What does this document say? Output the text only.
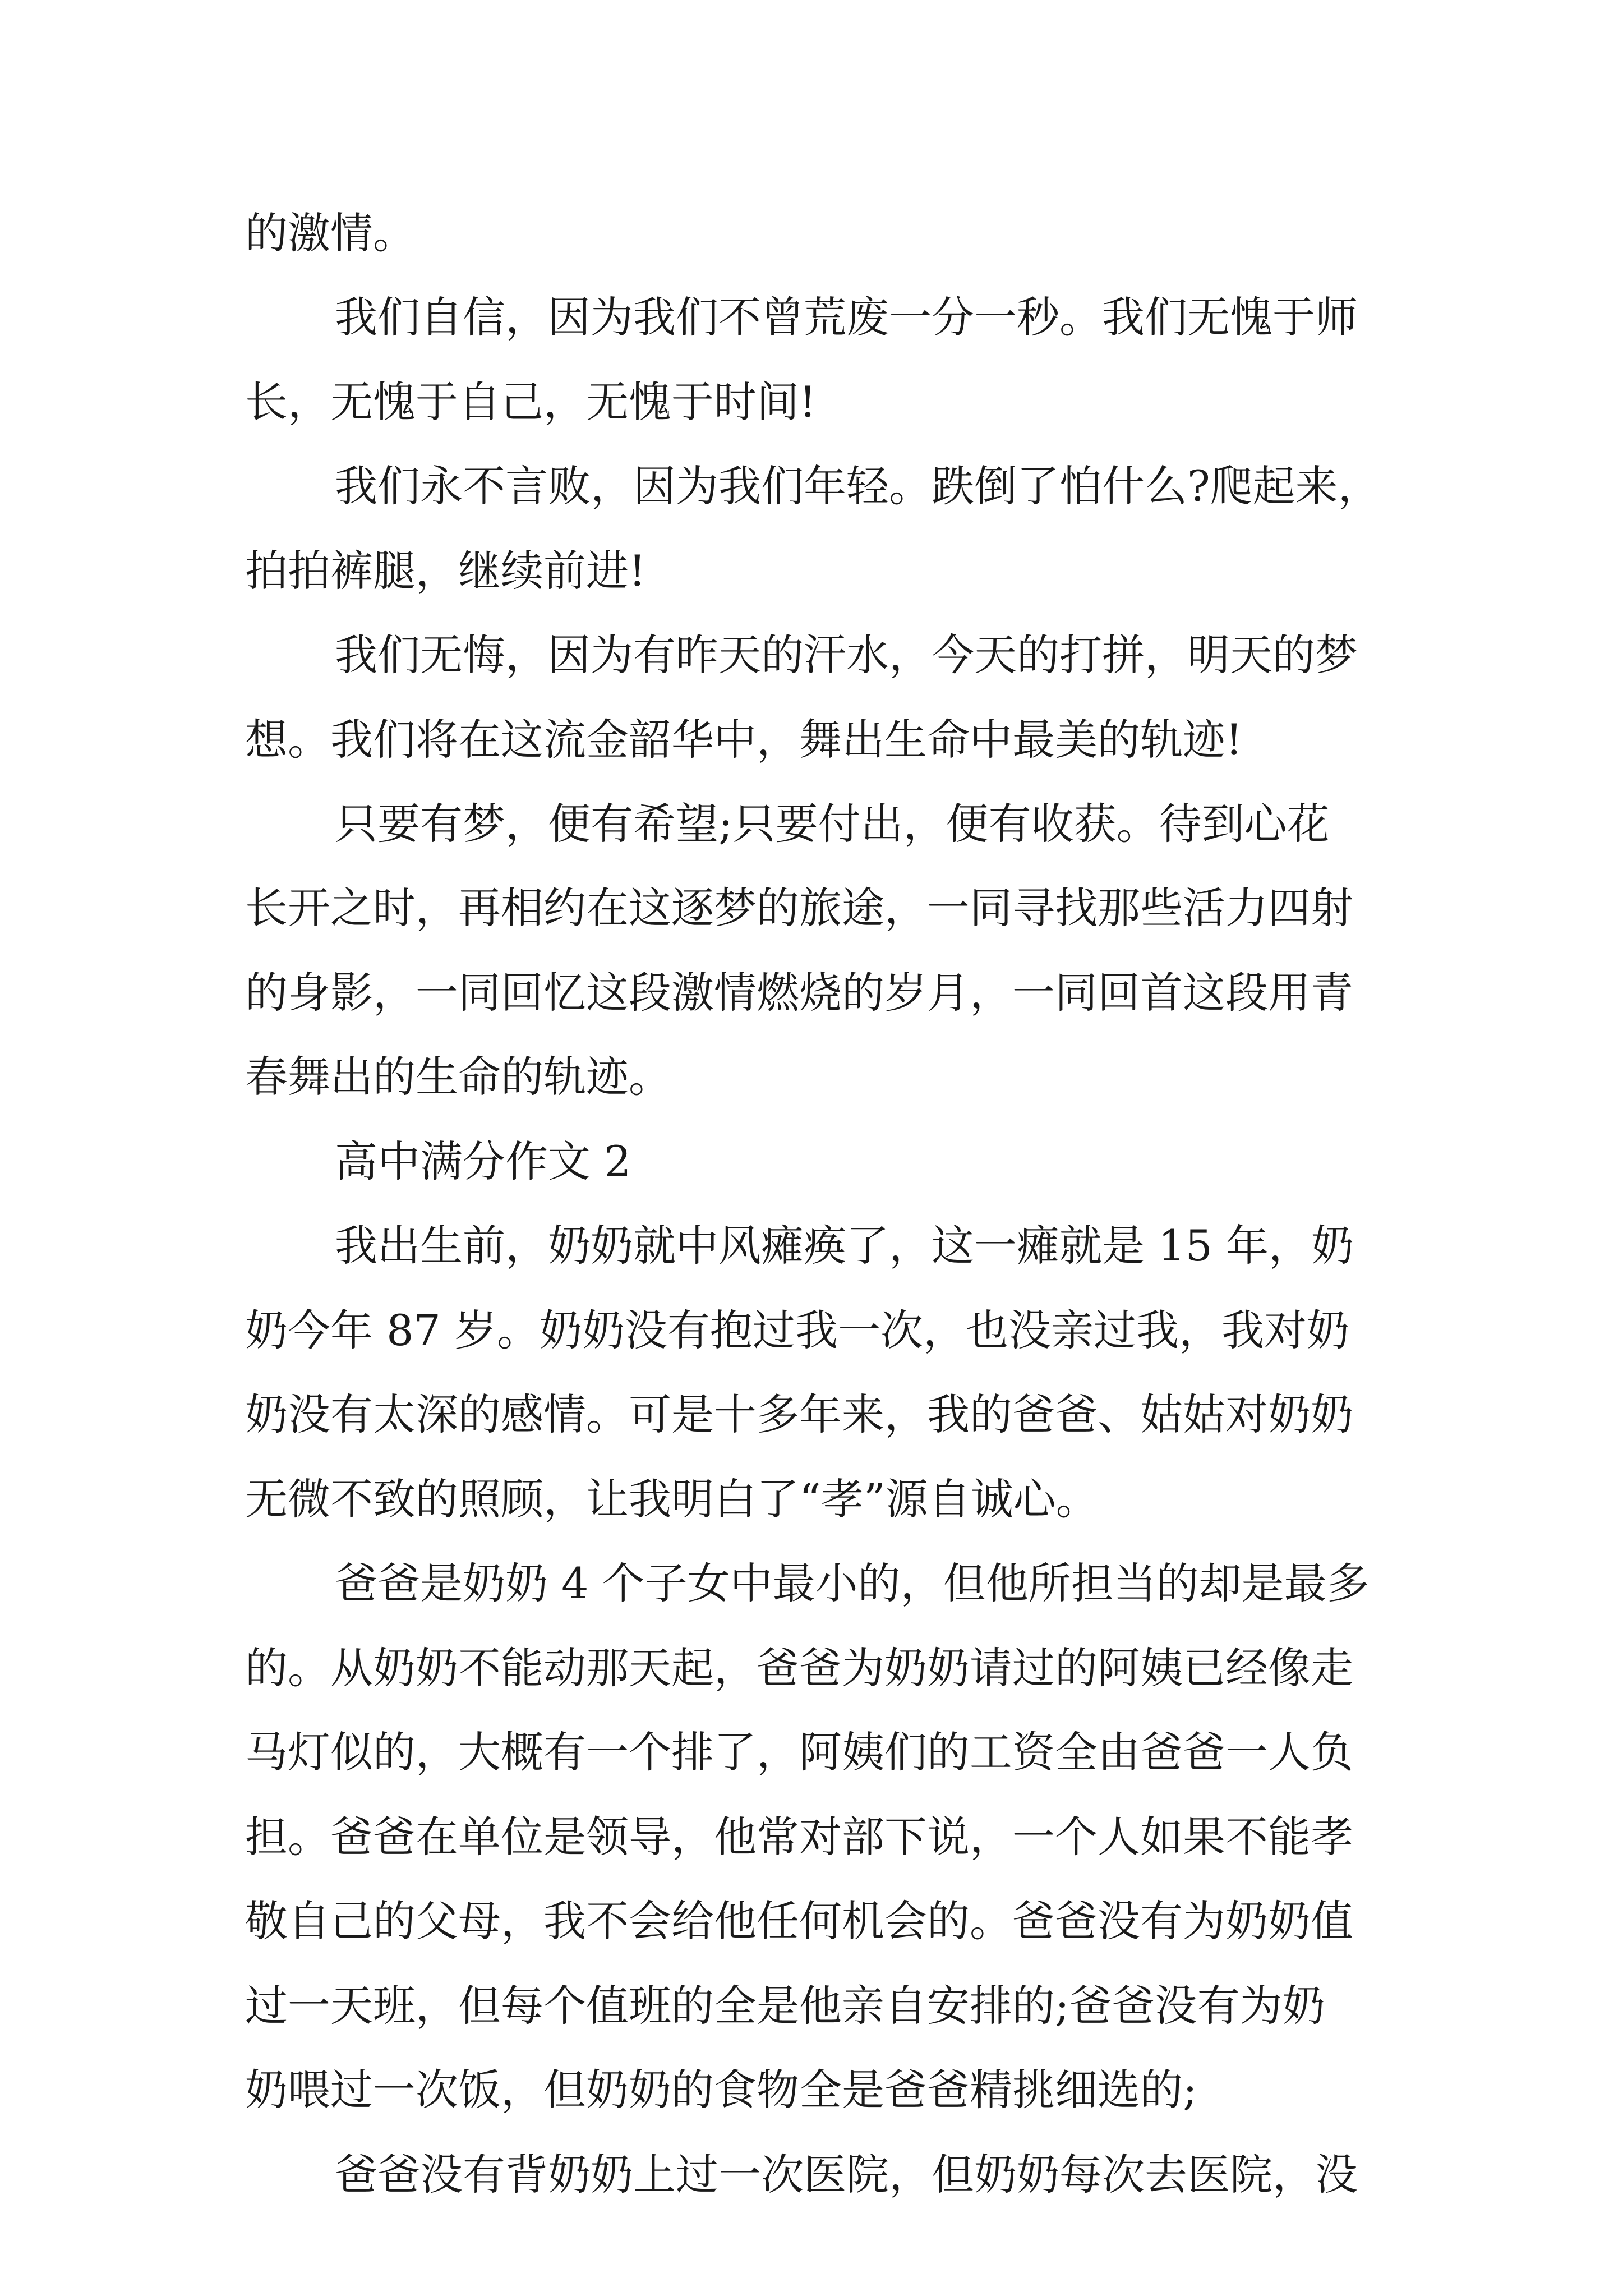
的激情。

我们自信，因为我们不曾荒废一分一秒。我们无愧于师

长，无愧于自己，无愧于时间!

我们永不言败，因为我们年轻。跌倒了怕什么?爬起来，

拍拍裤腿，继续前进!

我们无悔，因为有昨天的汗水，今天的打拼，明天的梦

想。我们将在这流金韶华中，舞出生命中最美的轨迹!

只要有梦，便有希望;只要付出，便有收获。待到心花

长开之时，再相约在这逐梦的旅途，一同寻找那些活力四射

的身影，一同回忆这段激情燃烧的岁月，一同回首这段用青

春舞出的生命的轨迹。

高中满分作文 2

我出生前，奶奶就中风瘫痪了，这一瘫就是 15 年，奶

奶今年 87 岁。奶奶没有抱过我一次，也没亲过我，我对奶

奶没有太深的感情。可是十多年来，我的爸爸、姑姑对奶奶

无微不致的照顾，让我明白了“孝”源自诚心。

爸爸是奶奶 4 个子女中最小的，但他所担当的却是最多

的。从奶奶不能动那天起，爸爸为奶奶请过的阿姨已经像走

马灯似的，大概有一个排了，阿姨们的工资全由爸爸一人负

担。爸爸在单位是领导，他常对部下说，一个人如果不能孝

敬自己的父母，我不会给他任何机会的。爸爸没有为奶奶值

过一天班，但每个值班的全是他亲自安排的;爸爸没有为奶

奶喂过一次饭，但奶奶的食物全是爸爸精挑细选的;

爸爸没有背奶奶上过一次医院，但奶奶每次去医院，没
